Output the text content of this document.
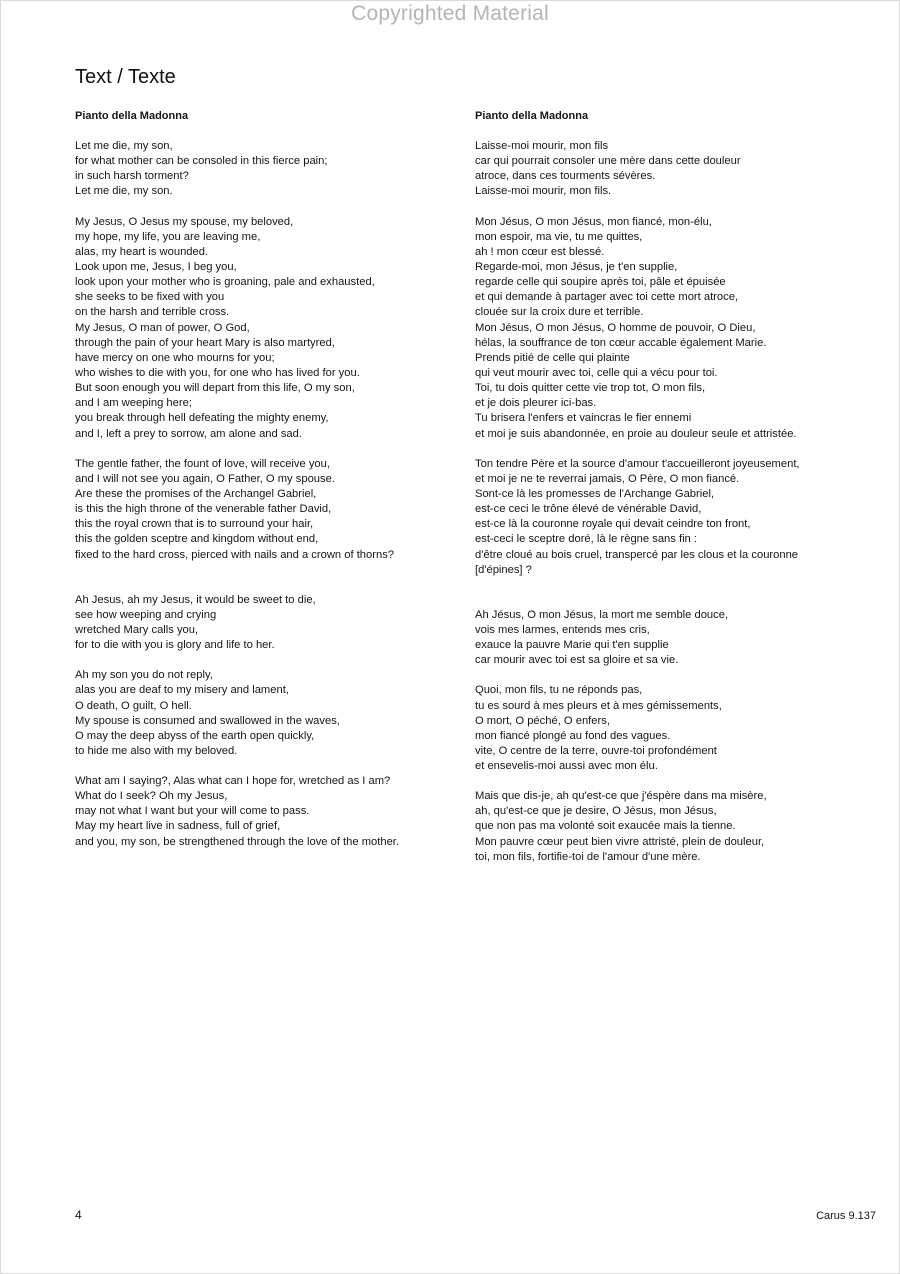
Copyrighted Material
Text / Texte
Pianto della Madonna
Let me die, my son,
for what mother can be consoled in this fierce pain;
in such harsh torment?
Let me die, my son.
My Jesus, O Jesus my spouse, my beloved,
my hope, my life, you are leaving me,
alas, my heart is wounded.
Look upon me, Jesus, I beg you,
look upon your mother who is groaning, pale and exhausted,
she seeks to be fixed with you
on the harsh and terrible cross.
My Jesus, O man of power, O God,
through the pain of your heart Mary is also martyred,
have mercy on one who mourns for you;
who wishes to die with you, for one who has lived for you.
But soon enough you will depart from this life, O my son,
and I am weeping here;
you break through hell defeating the mighty enemy,
and I, left a prey to sorrow, am alone and sad.
The gentle father, the fount of love, will receive you,
and I will not see you again, O Father, O my spouse.
Are these the promises of the Archangel Gabriel,
is this the high throne of the venerable father David,
this the royal crown that is to surround your hair,
this the golden sceptre and kingdom without end,
fixed to the hard cross, pierced with nails and a crown of thorns?
Ah Jesus, ah my Jesus, it would be sweet to die,
see how weeping and crying
wretched Mary calls you,
for to die with you is glory and life to her.
Ah my son you do not reply,
alas you are deaf to my misery and lament,
O death, O guilt, O hell.
My spouse is consumed and swallowed in the waves,
O may the deep abyss of the earth open quickly,
to hide me also with my beloved.
What am I saying?, Alas what can I hope for, wretched as I am?
What do I seek? Oh my Jesus,
may not what I want but your will come to pass.
May my heart live in sadness, full of grief,
and you, my son, be strengthened through the love of the mother.
Pianto della Madonna
Laisse-moi mourir, mon fils
car qui pourrait consoler une mère dans cette douleur
atroce, dans ces tourments sévères.
Laisse-moi mourir, mon fils.
Mon Jésus, O mon Jésus, mon fiancé, mon-élu,
mon espoir, ma vie, tu me quittes,
ah ! mon cœur est blessé.
Regarde-moi, mon Jésus, je t'en supplie,
regarde celle qui soupire après toi, pâle et épuisée
et qui demande à partager avec toi cette mort atroce,
clouée sur la croix dure et terrible.
Mon Jésus, O mon Jésus, O homme de pouvoir, O Dieu,
hélas, la souffrance de ton cœur accable également Marie.
Prends pitié de celle qui plainte
qui veut mourir avec toi, celle qui a vécu pour toi.
Toi, tu dois quitter cette vie trop tot, O mon fils,
et je dois pleurer ici-bas.
Tu brisera l'enfers et vaincras le fier ennemi
et moi je suis abandonnée, en proie au douleur seule et attristée.
Ton tendre Père et la source d'amour t'accueilleront joyeusement,
et moi je ne te reverrai jamais, O Père, O mon fiancé.
Sont-ce là les promesses de l'Archange Gabriel,
est-ce ceci le trône élevé de vénérable David,
est-ce là la couronne royale qui devait ceindre ton front,
est-ceci le sceptre doré, là le règne sans fin :
d'être cloué au bois cruel, transpercé par les clous et la couronne
[d'épines] ?
Ah Jésus, O mon Jésus, la mort me semble douce,
vois mes larmes, entends mes cris,
exauce la pauvre Marie qui t'en supplie
car mourir avec toi est sa gloire et sa vie.
Quoi, mon fils, tu ne réponds pas,
tu es sourd à mes pleurs et à mes gémissements,
O mort, O péché, O enfers,
mon fiancé plongé au fond des vagues.
vite, O centre de la terre, ouvre-toi profondément
et ensevelis-moi aussi avec mon élu.
Mais que dis-je, ah qu'est-ce que j'éspère dans ma misère,
ah, qu'est-ce que je desire, O Jésus, mon Jésus,
que non pas ma volonté soit exaucée mais la tienne.
Mon pauvre cœur peut bien vivre attristé, plein de douleur,
toi, mon fils, fortifie-toi de l'amour d'une mère.
4	Carus 9.137
